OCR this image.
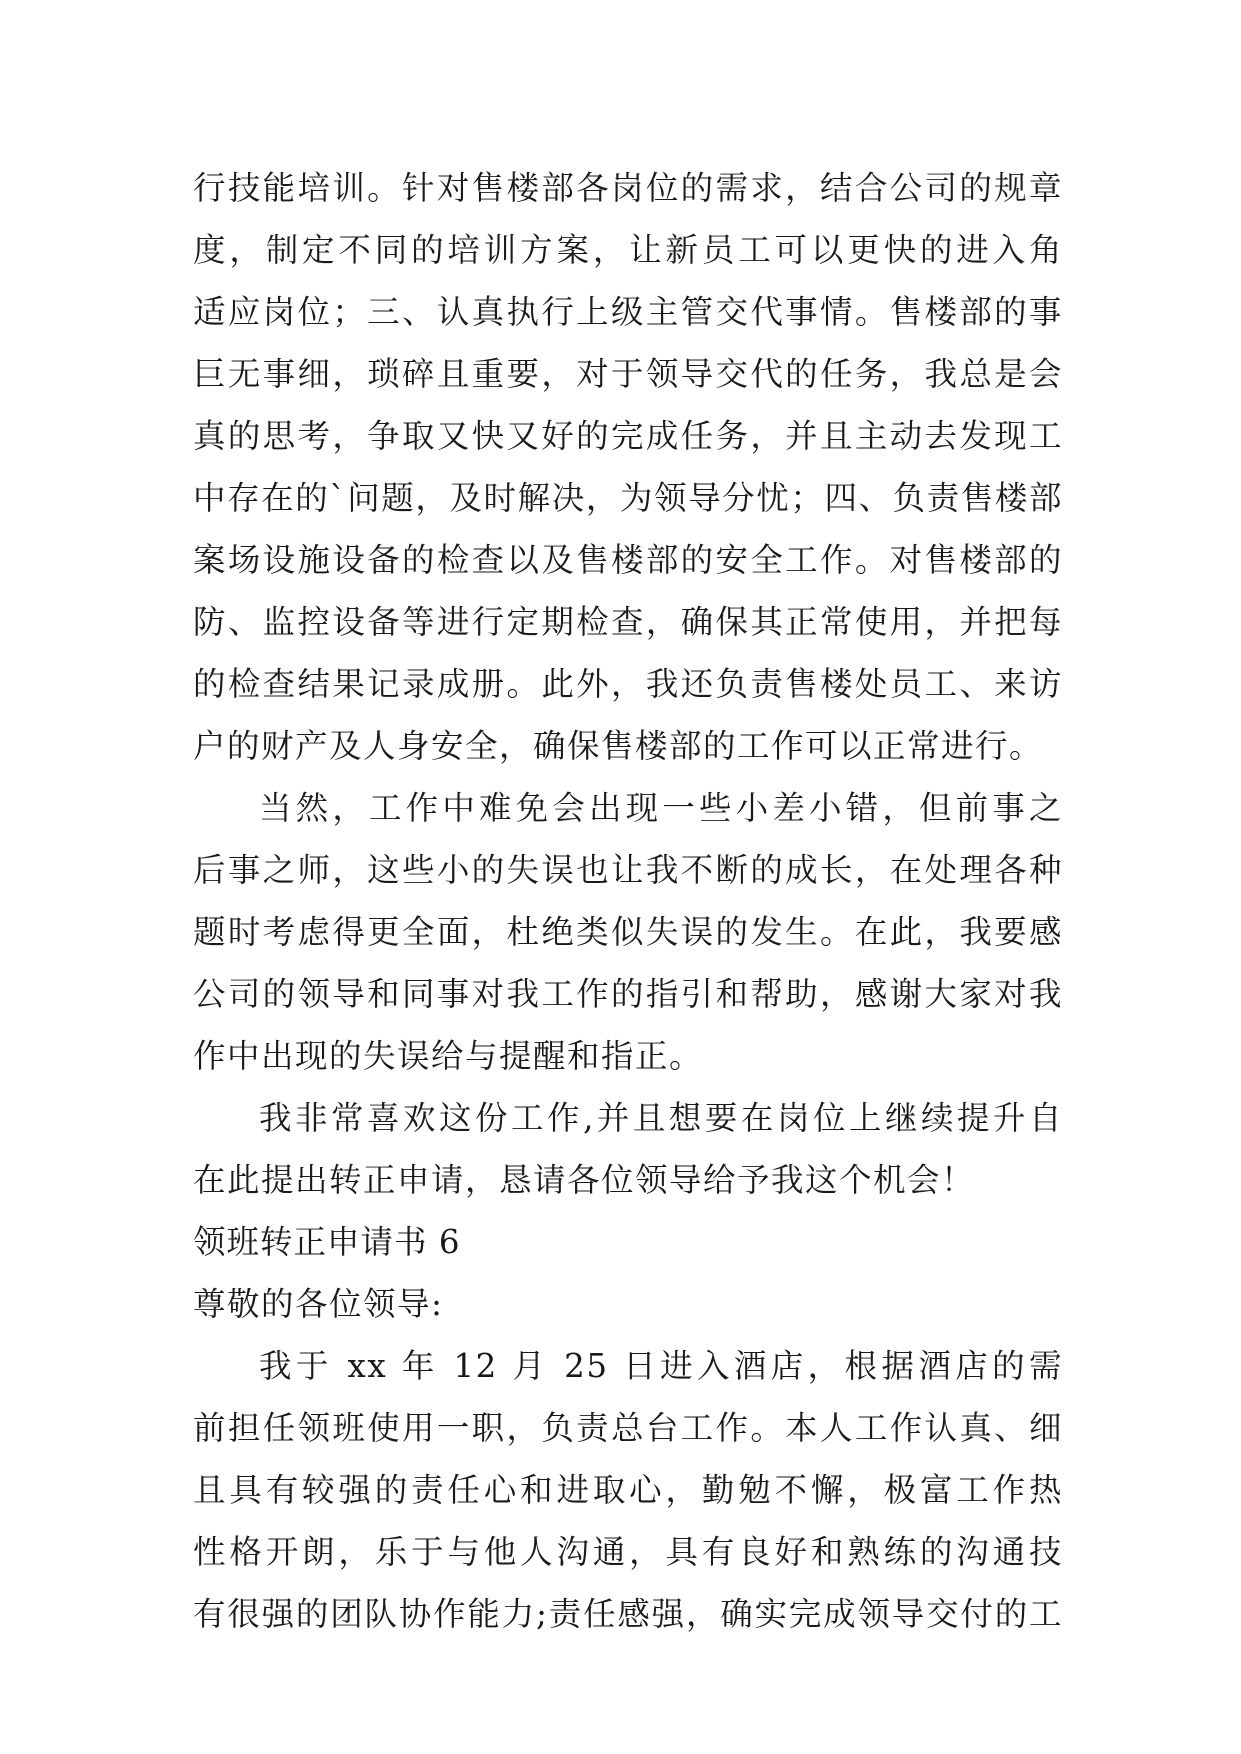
行技能培训。针对售楼部各岗位的需求，结合公司的规章
度，制定不同的培训方案，让新员工可以更快的进入角
适应岗位；三、认真执行上级主管交代事情。售楼部的事
巨无事细，琐碎且重要，对于领导交代的任务，我总是会
真的思考，争取又快又好的完成任务，并且主动去发现工
中存在的`问题，及时解决，为领导分忧；四、负责售楼部
案场设施设备的检查以及售楼部的安全工作。对售楼部的
防、监控设备等进行定期检查，确保其正常使用，并把每
的检查结果记录成册。此外，我还负责售楼处员工、来访
户的财产及人身安全，确保售楼部的工作可以正常进行。
当然，工作中难免会出现一些小差小错，但前事之
后事之师，这些小的失误也让我不断的成长，在处理各种
题时考虑得更全面，杜绝类似失误的发生。在此，我要感
公司的领导和同事对我工作的指引和帮助，感谢大家对我
作中出现的失误给与提醒和指正。
我非常喜欢这份工作,并且想要在岗位上继续提升自
在此提出转正申请，恳请各位领导给予我这个机会！
领班转正申请书 6
尊敬的各位领导:
我于 xx 年 12 月 25 日进入酒店，根据酒店的需
前担任领班使用一职，负责总台工作。本人工作认真、细
且具有较强的责任心和进取心，勤勉不懈，极富工作热
性格开朗，乐于与他人沟通，具有良好和熟练的沟通技
有很强的团队协作能力;责任感强，确实完成领导交付的工
